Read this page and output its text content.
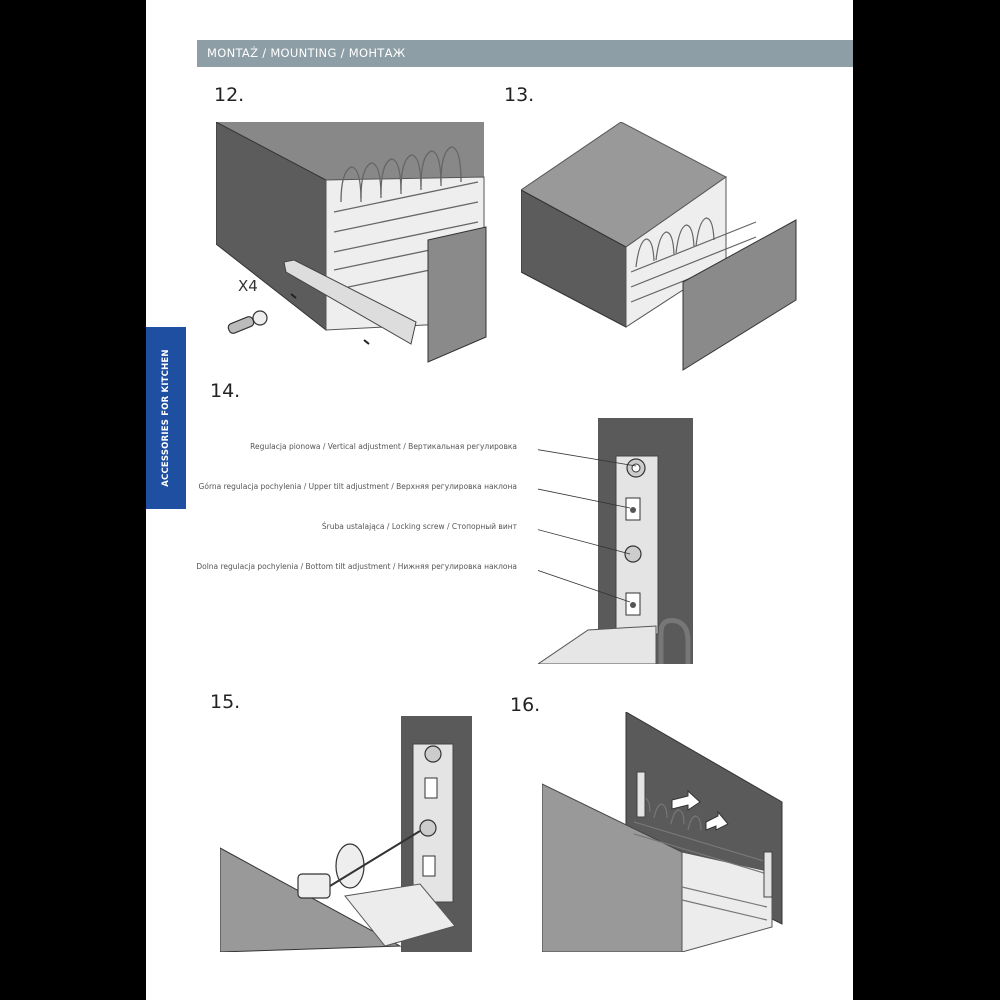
MONTAŻ / MOUNTING / МОНТАЖ
ACCESSORIES FOR KITCHEN
12.	13.
14.
15.	16.
X4
Regulacja pionowa / Vertical adjustment / Вертикальная регулировка
Górna regulacja pochylenia / Upper tilt adjustment / Верхняя регулировка наклона
Śruba ustalająca / Locking screw / Стопорный винт
Dolna regulacja pochylenia / Bottom tilt adjustment / Нижняя регулировка наклона
